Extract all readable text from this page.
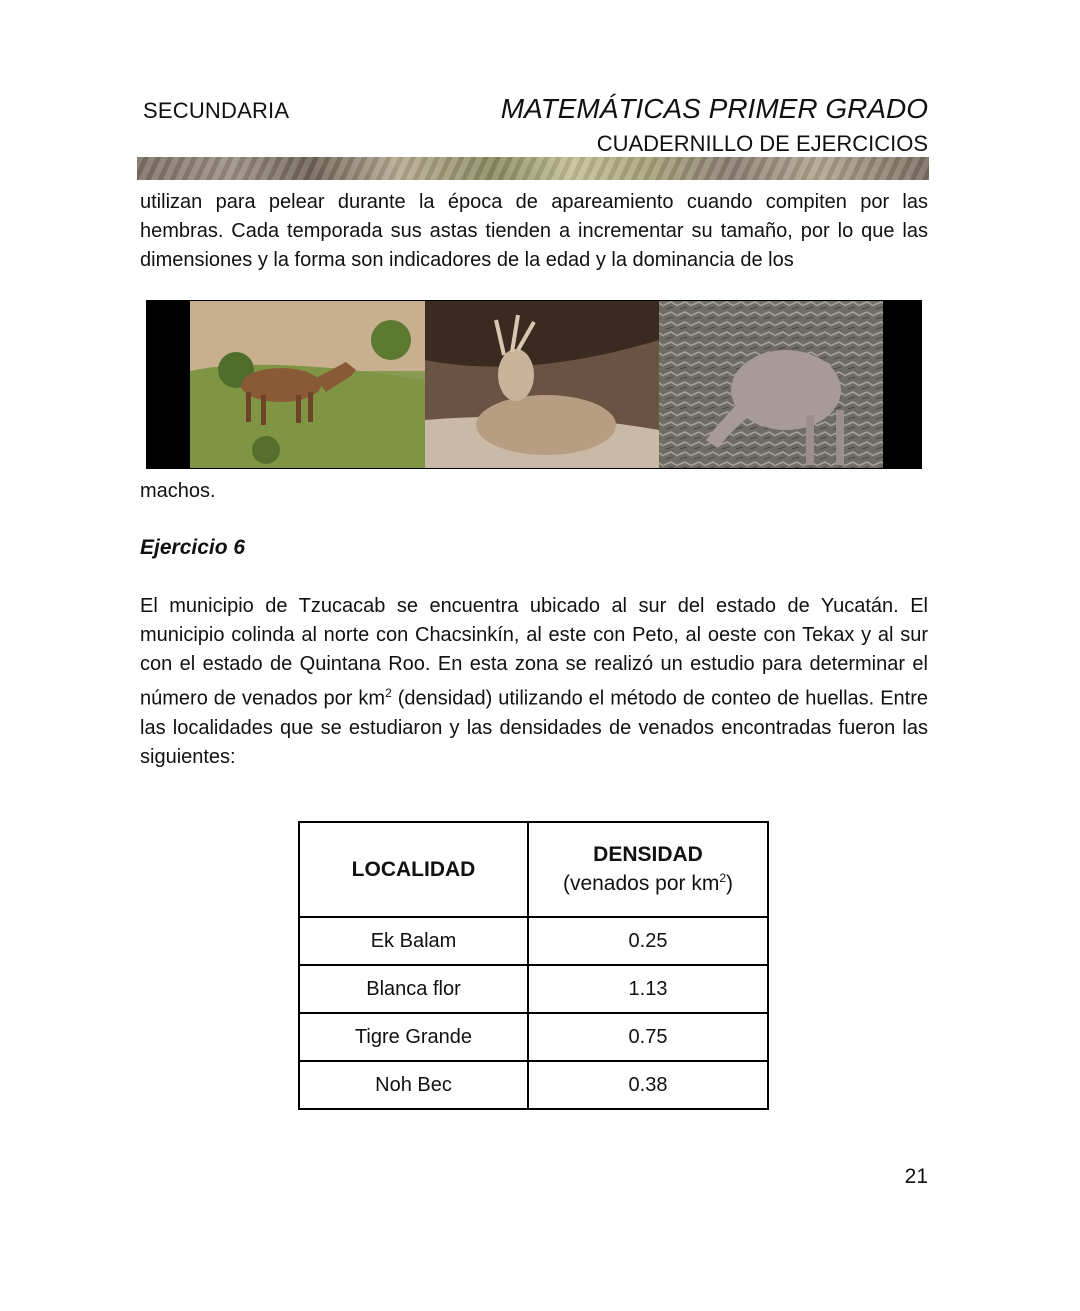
SECUNDARIA	MATEMÁTICAS PRIMER GRADO
CUADERNILLO DE EJERCICIOS

utilizan para pelear durante la época de apareamiento cuando compiten por las hembras. Cada temporada sus astas tienden a incrementar su tamaño, por lo que las dimensiones y la forma son indicadores de la edad y la dominancia de los

machos.

Ejercicio 6

El municipio de Tzucacab se encuentra ubicado al sur del estado de Yucatán. El municipio colinda al norte con Chacsinkín, al este con Peto, al oeste con Tekax y al sur con el estado de Quintana Roo. En esta zona se realizó un estudio para determinar el número de venados por $km^2$ (densidad) utilizando el método de conteo de huellas. Entre las localidades que se estudiaron y las densidades de venados encontradas fueron las siguientes:

LOCALIDAD	DENSIDAD
(venados por $km^2$)

Ek Balam	0.25
Blanca flor	1.13
Tigre Grande	0.75
Noh Bec	0.38
21
